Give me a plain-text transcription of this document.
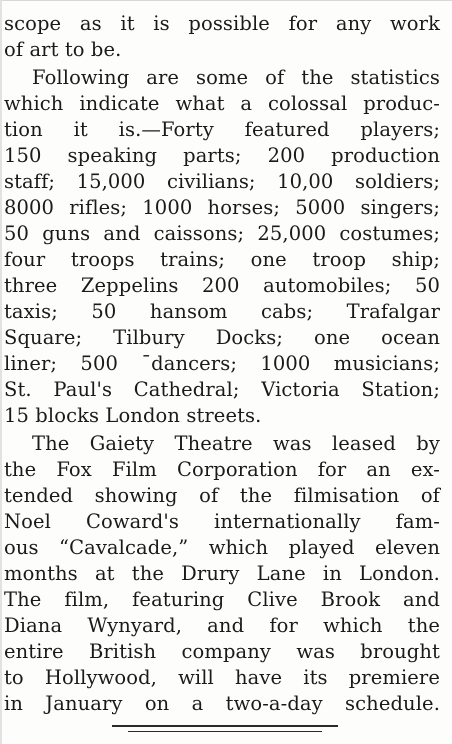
scope as it is possible for any work
of art to be.
Following are some of the statistics
which indicate what a colossal produc-
tion it is.—Forty featured players;
150 speaking parts; 200 production
staff; 15,000 civilians; 10,00 soldiers;
8000 rifles; 1000 horses; 5000 singers;
50 guns and caissons; 25,000 costumes;
four troops trains; one troop ship;
three Zeppelins 200 automobiles; 50
taxis; 50 hansom cabs; Trafalgar
Square; Tilbury Docks; one ocean
liner; 500 ¯dancers; 1000 musicians;
St. Paul's Cathedral; Victoria Station;
15 blocks London streets.
The Gaiety Theatre was leased by
the Fox Film Corporation for an ex-
tended showing of the filmisation of
Noel Coward's internationally fam-
ous “Cavalcade,” which played eleven
months at the Drury Lane in London.
The film, featuring Clive Brook and
Diana Wynyard, and for which the
entire British company was brought
to Hollywood, will have its premiere
in January on a two-a-day schedule.
